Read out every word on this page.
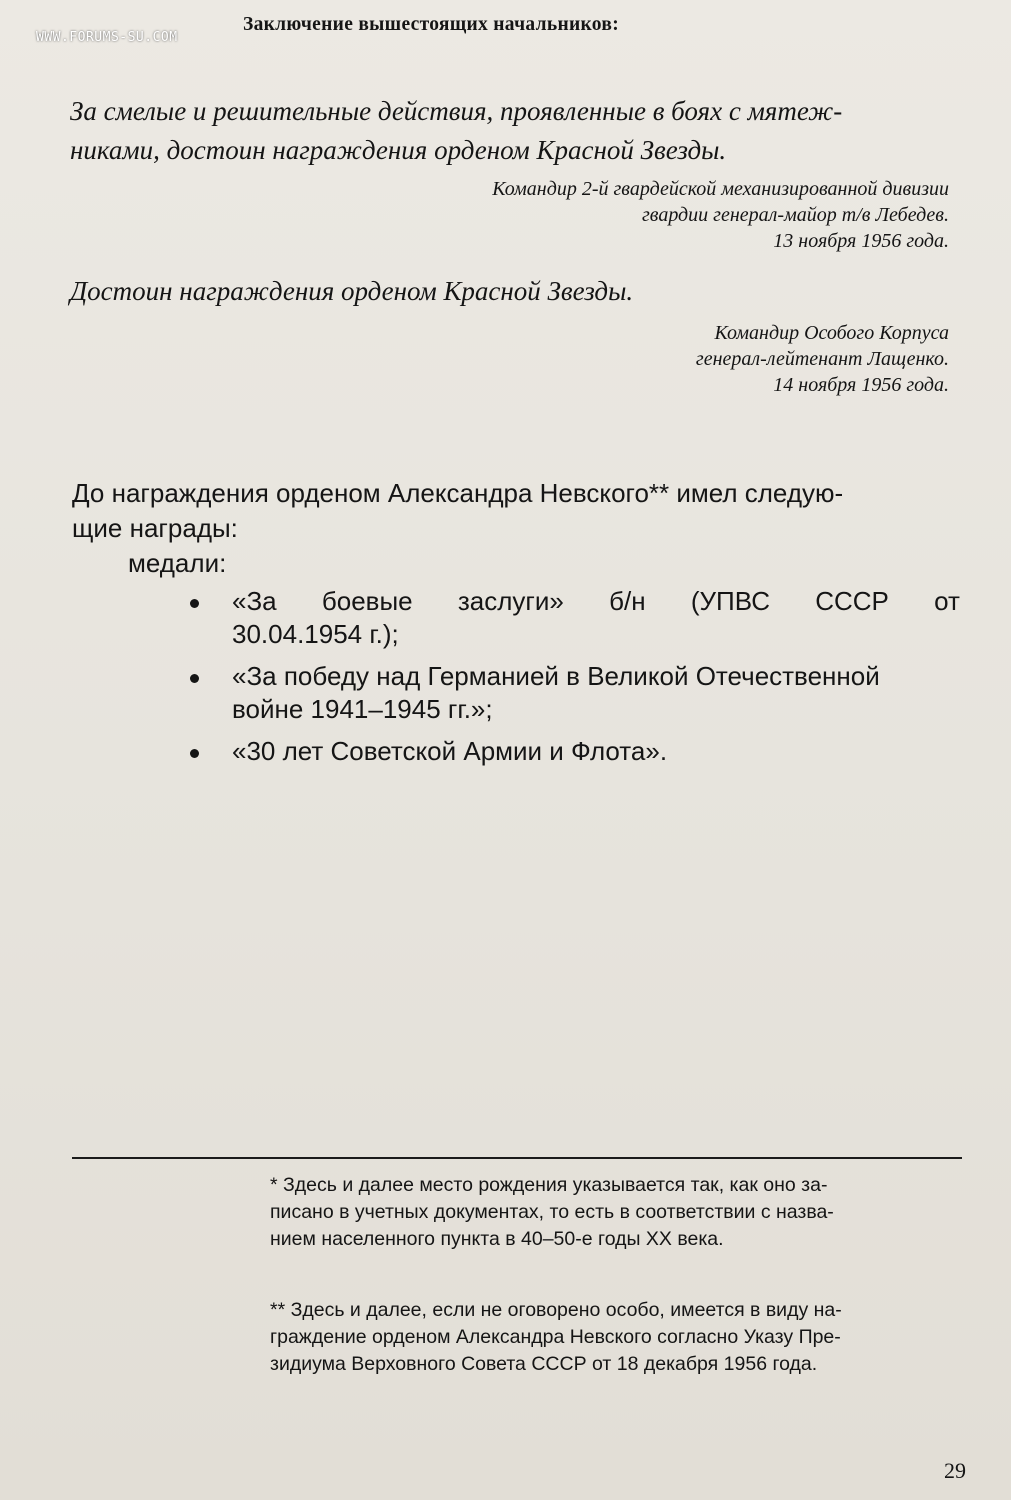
WWW.FORUMS-SU.COM
Заключение вышестоящих начальников:
За смелые и решительные действия, проявленные в боях с мятеж-
никами, достоин награждения орденом Красной Звезды.
Командир 2-й гвардейской механизированной дивизии
гвардии генерал-майор т/в Лебедев.
13 ноября 1956 года.
Достоин награждения орденом Красной Звезды.
Командир Особого Корпуса
генерал-лейтенант Лащенко.
14 ноября 1956 года.
До награждения орденом Александра Невского** имел следую-
щие награды:
медали:
«За боевые заслуги» б/н (УПВС СССР от
30.04.1954 г.);
«За победу над Германией в Великой Отечественной
войне 1941–1945 гг.»;
«30 лет Советской Армии и Флота».
* Здесь и далее место рождения указывается так, как оно за-
писано в учетных документах, то есть в соответствии с назва-
нием населенного пункта в 40–50-е годы XX века.
** Здесь и далее, если не оговорено особо, имеется в виду на-
граждение орденом Александра Невского согласно Указу Пре-
зидиума Верховного Совета СССР от 18 декабря 1956 года.
29
